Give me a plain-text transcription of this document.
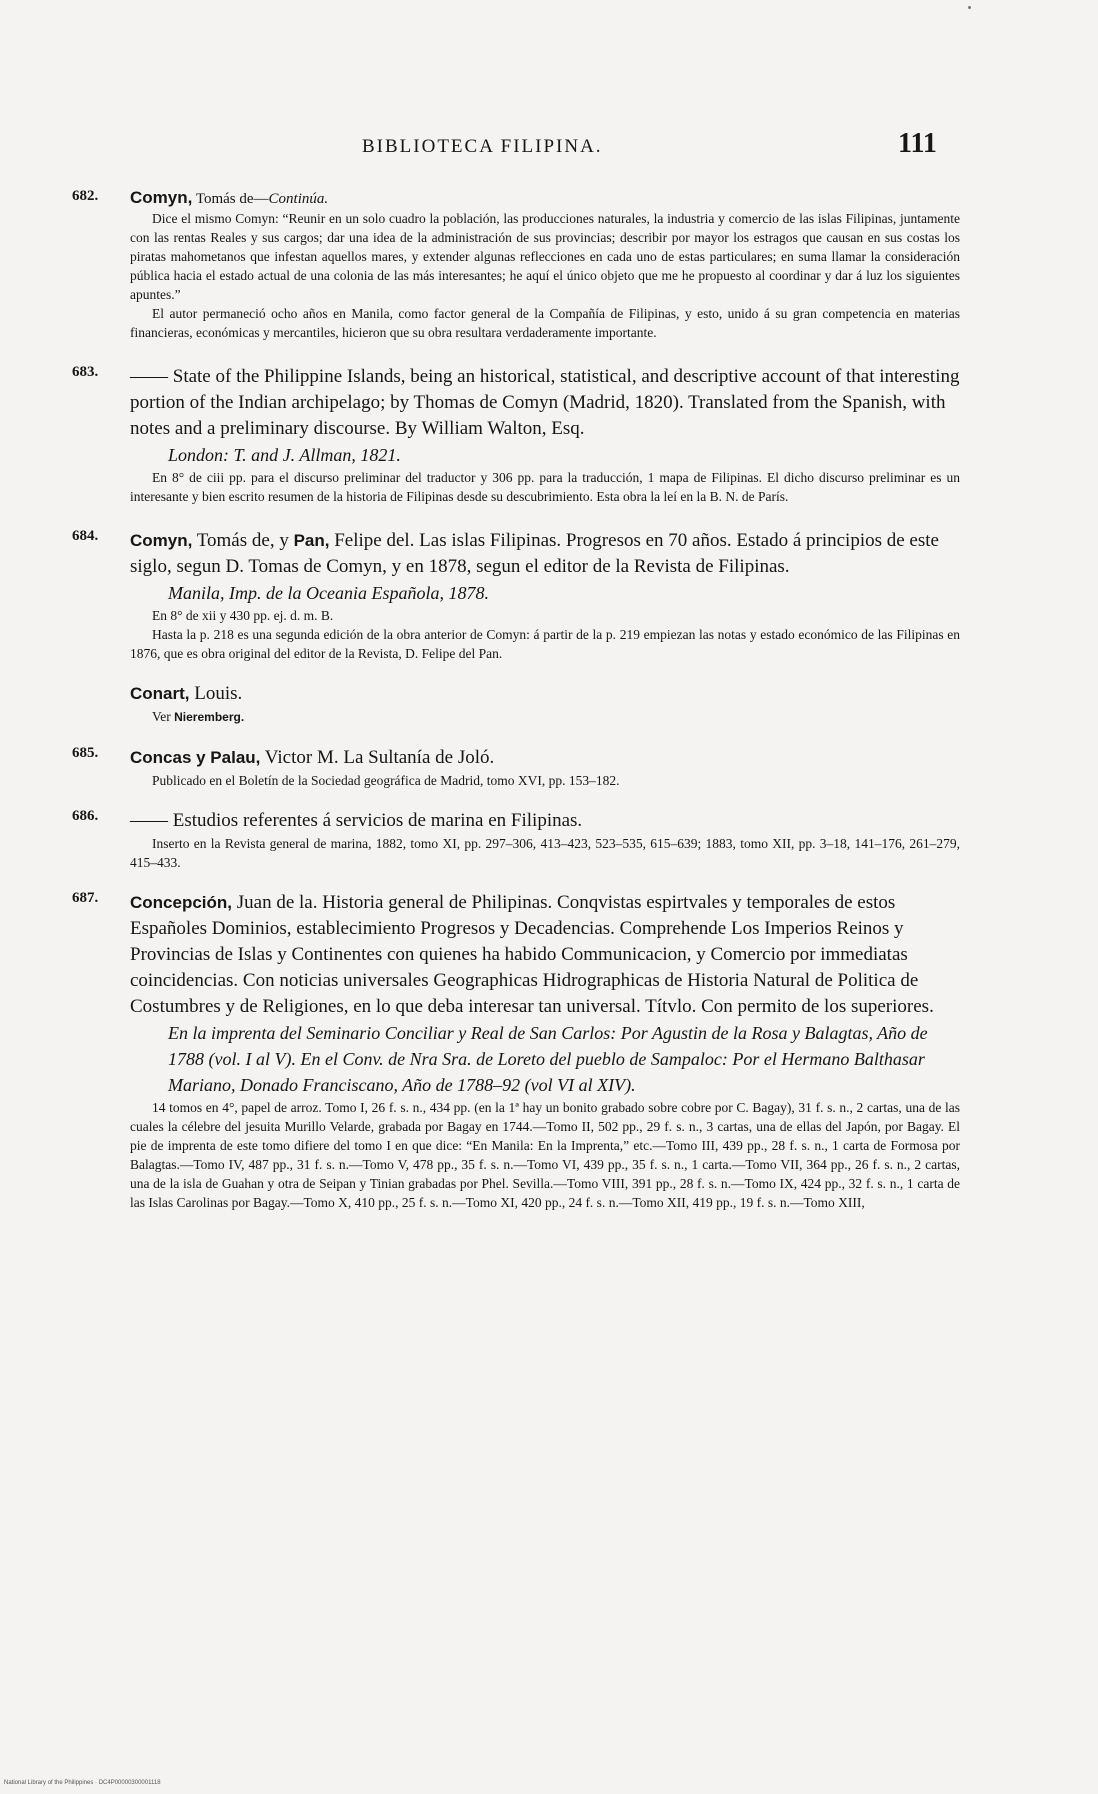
BIBLIOTECA FILIPINA.	111
682. Comyn, Tomás de—Continúa.

Dice el mismo Comyn: “Reunir en un solo cuadro la población, las producciones naturales, la industria y comercio de las islas Filipinas, juntamente con las rentas Reales y sus cargos; dar una idea de la administración de sus provincias; describir por mayor los estragos que causan en sus costas los piratas mahometanos que infestan aquellos mares, y extender algunas reflecciones en cada uno de estas particulares; en suma llamar la consideración pública hacia el estado actual de una colonia de las más interesantes; he aquí el único objeto que me he propuesto al coordinar y dar á luz los siguientes apuntes.”

El autor permaneció ocho años en Manila, como factor general de la Compañía de Filipinas, y esto, unido á su gran competencia en materias financieras, económicas y mercantiles, hicieron que su obra resultara verdaderamente importante.

683. —— State of the Philippine Islands, being an historical, statistical, and descriptive account of that interesting portion of the Indian archipelago; by Thomas de Comyn (Madrid, 1820). Translated from the Spanish, with notes and a preliminary discourse. By William Walton, Esq.
London: T. and J. Allman, 1821.

En 8° de ciii pp. para el discurso preliminar del traductor y 306 pp. para la traducción, 1 mapa de Filipinas. El dicho discurso preliminar es un interesante y bien escrito resumen de la historia de Filipinas desde su descubrimiento. Esta obra la leí en la B. N. de París.

684. Comyn, Tomás de, y Pan, Felipe del. Las islas Filipinas. Progresos en 70 años. Estado á principios de este siglo, segun D. Tomas de Comyn, y en 1878, segun el editor de la Revista de Filipinas.
Manila, Imp. de la Oceania Española, 1878.

En 8° de xii y 430 pp. ej. d. m. B.

Hasta la p. 218 es una segunda edición de la obra anterior de Comyn: á partir de la p. 219 empiezan las notas y estado económico de las Filipinas en 1876, que es obra original del editor de la Revista, D. Felipe del Pan.

Conart, Louis.
Ver Nieremberg.
685. Concas y Palau, Victor M. La Sultanía de Joló.

Publicado en el Boletín de la Sociedad geográfica de Madrid, tomo XVI, pp. 153–182.

686. —— Estudios referentes á servicios de marina en Filipinas.

Inserto en la Revista general de marina, 1882, tomo XI, pp. 297–306, 413–423, 523–535, 615–639; 1883, tomo XII, pp. 3–18, 141–176, 261–279, 415–433.

687. Concepción, Juan de la. Historia general de Philipinas. Conqvistas espirtvales y temporales de estos Españoles Dominios, establecimiento Progresos y Decadencias. Comprehende Los Imperios Reinos y Provincias de Islas y Continentes con quienes ha habido Communicacion, y Comercio por immediatas coincidencias. Con noticias universales Geographicas Hidrographicas de Historia Natural de Politica de Costumbres y de Religiones, en lo que deba interesar tan universal. Títvlo. Con permito de los superiores.
En la imprenta del Seminario Conciliar y Real de San Carlos: Por Agustin de la Rosa y Balagtas, Año de 1788 (vol. I al V). En el Conv. de Nra Sra. de Loreto del pueblo de Sampaloc: Por el Hermano Balthasar Mariano, Donado Franciscano, Año de 1788–92 (vol VI al XIV).

14 tomos en 4°, papel de arroz. Tomo I, 26 f. s. n., 434 pp. (en la 1ª hay un bonito grabado sobre cobre por C. Bagay), 31 f. s. n., 2 cartas, una de las cuales la célebre del jesuita Murillo Velarde, grabada por Bagay en 1744.—Tomo II, 502 pp., 29 f. s. n., 3 cartas, una de ellas del Japón, por Bagay. El pie de imprenta de este tomo difiere del tomo I en que dice: “En Manila: En la Imprenta,” etc.—Tomo III, 439 pp., 28 f. s. n., 1 carta de Formosa por Balagtas.—Tomo IV, 487 pp., 31 f. s. n.—Tomo V, 478 pp., 35 f. s. n.—Tomo VI, 439 pp., 35 f. s. n., 1 carta.—Tomo VII, 364 pp., 26 f. s. n., 2 cartas, una de la isla de Guahan y otra de Seipan y Tinian grabadas por Phel. Sevilla.—Tomo VIII, 391 pp., 28 f. s. n.—Tomo IX, 424 pp., 32 f. s. n., 1 carta de las Islas Carolinas por Bagay.—Tomo X, 410 pp., 25 f. s. n.—Tomo XI, 420 pp., 24 f. s. n.—Tomo XII, 419 pp., 19 f. s. n.—Tomo XIII,

National Library of the Philippines · DC4P00000300001118
